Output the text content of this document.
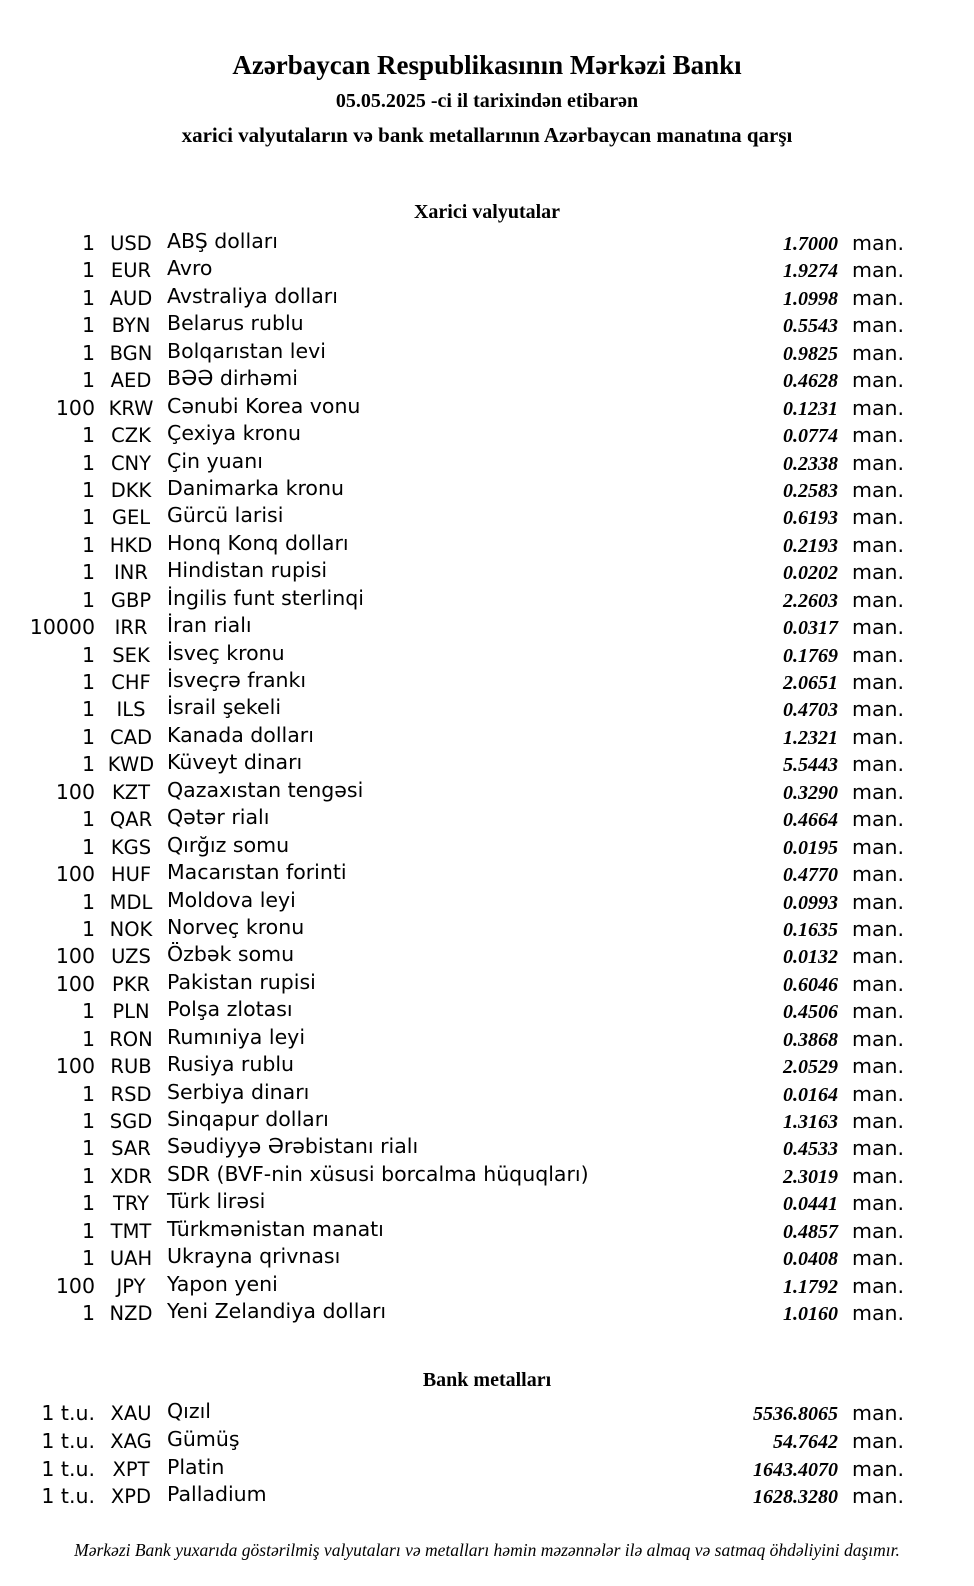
Azərbaycan Respublikasının Mərkəzi Bankı
05.05.2025 -ci il tarixindən etibarən
xarici valyutaların və bank metallarının Azərbaycan manatına qarşı
Xarici valyutalar
1 USD ABŞ dolları	1.7000 man.
1 EUR Avro	1.9274 man.
1 AUD Avstraliya dolları	1.0998 man.
1 BYN Belarus rublu	0.5543 man.
1 BGN Bolqarıstan levi	0.9825 man.
1 AED BƏƏ dirhəmi	0.4628 man.
100 KRW Cənubi Korea vonu	0.1231 man.
1 CZK Çexiya kronu	0.0774 man.
1 CNY Çin yuanı	0.2338 man.
1 DKK Danimarka kronu	0.2583 man.
1 GEL Gürcü larisi	0.6193 man.
1 HKD Honq Konq dolları	0.2193 man.
1 INR Hindistan rupisi	0.0202 man.
1 GBP İngilis funt sterlinqi	2.2603 man.
10000	IRR İran rialı	0.0317 man.
1 SEK İsveç kronu	0.1769 man.
1 CHF İsveçrə frankı	2.0651 man.
1	ILS	İsrail şekeli	0.4703 man.
1 CAD Kanada dolları	1.2321 man.
1 KWD Küveyt dinarı	5.5443 man.
100 KZT Qazaxıstan tengəsi	0.3290 man.
1 QAR Qətər rialı	0.4664 man.
1 KGS Qırğız somu	0.0195 man.
100 HUF Macarıstan forinti	0.4770 man.
1 MDL Moldova leyi	0.0993 man.
1 NOK Norveç kronu	0.1635 man.
100 UZS Özbək somu	0.0132 man.
100 PKR Pakistan rupisi	0.6046 man.
1 PLN Polşa zlotası	0.4506 man.
1 RON Rumıniya leyi	0.3868 man.
100 RUB Rusiya rublu	2.0529 man.
1 RSD Serbiya dinarı	0.0164 man.
1 SGD Sinqapur dolları	1.3163 man.
1 SAR Səudiyyə Ərəbistanı rialı	0.4533 man.
1 XDR SDR (BVF-nin xüsusi borcalma hüquqları)	2.3019 man.
1 TRY Türk lirəsi	0.0441 man.
1 TMT Türkmənistan manatı	0.4857 man.
1 UAH Ukrayna qrivnası	0.0408 man.
100	JPY	Yapon yeni	1.1792 man.
1 NZD Yeni Zelandiya dolları	1.0160 man.
Bank metalları
1 t.u. XAU Qızıl	5536.8065 man.
1 t.u. XAG Gümüş	54.7642 man.
1 t.u. XPT Platin	1643.4070 man.
1 t.u. XPD Palladium	1628.3280 man.
Mərkəzi Bank yuxarıda göstərilmiş valyutaları və metalları həmin məzənnələr ilə almaq və satmaq öhdəliyini daşımır.
